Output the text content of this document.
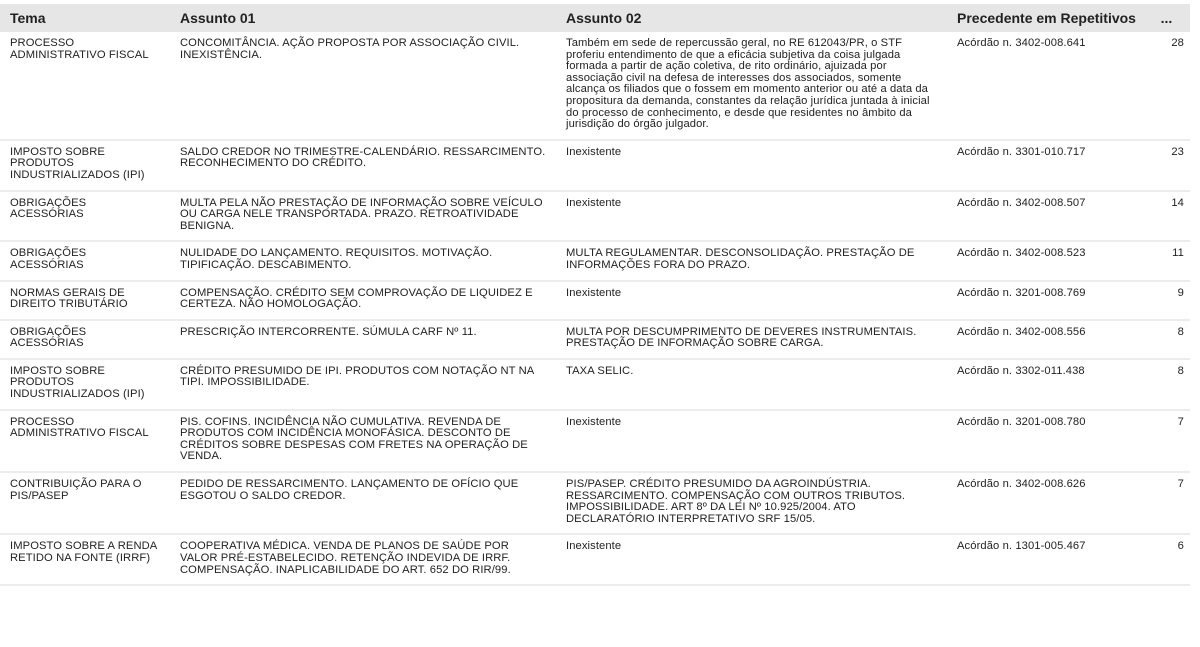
Tema	Assunto 01	Assunto 02	Precedente em Repetitivos	...
PROCESSO ADMINISTRATIVO FISCAL	CONCOMITÂNCIA. AÇÃO PROPOSTA POR ASSOCIAÇÃO CIVIL. INEXISTÊNCIA.	Também em sede de repercussão geral, no RE 612043/PR, o STF proferiu entendimento de que a eficácia subjetiva da coisa julgada formada a partir de ação coletiva, de rito ordinário, ajuizada por associação civil na defesa de interesses dos associados, somente alcança os filiados que o fossem em momento anterior ou até a data da propositura da demanda, constantes da relação jurídica juntada à inicial do processo de conhecimento, e desde que residentes no âmbito da jurisdição do órgão julgador.	Acórdão n. 3402-008.641	28
IMPOSTO SOBRE PRODUTOS INDUSTRIALIZADOS (IPI)	SALDO CREDOR NO TRIMESTRE-CALENDÁRIO. RESSARCIMENTO. RECONHECIMENTO DO CRÉDITO.	Inexistente	Acórdão n. 3301-010.717	23
OBRIGAÇÕES ACESSÓRIAS	MULTA PELA NÃO PRESTAÇÃO DE INFORMAÇÃO SOBRE VEÍCULO OU CARGA NELE TRANSPORTADA. PRAZO. RETROATIVIDADE BENIGNA.	Inexistente	Acórdão n. 3402-008.507	14
OBRIGAÇÕES ACESSÓRIAS	NULIDADE DO LANÇAMENTO. REQUISITOS. MOTIVAÇÃO. TIPIFICAÇÃO. DESCABIMENTO.	MULTA REGULAMENTAR. DESCONSOLIDAÇÃO. PRESTAÇÃO DE INFORMAÇÕES FORA DO PRAZO.	Acórdão n. 3402-008.523	11
NORMAS GERAIS DE DIREITO TRIBUTÁRIO	COMPENSAÇÃO. CRÉDITO SEM COMPROVAÇÃO DE LIQUIDEZ E CERTEZA. NÃO HOMOLOGAÇÃO.	Inexistente	Acórdão n. 3201-008.769	9
OBRIGAÇÕES ACESSÓRIAS	PRESCRIÇÃO INTERCORRENTE. SÚMULA CARF Nº 11.	MULTA POR DESCUMPRIMENTO DE DEVERES INSTRUMENTAIS. PRESTAÇÃO DE INFORMAÇÃO SOBRE CARGA.	Acórdão n. 3402-008.556	8
IMPOSTO SOBRE PRODUTOS INDUSTRIALIZADOS (IPI)	CRÉDITO PRESUMIDO DE IPI. PRODUTOS COM NOTAÇÃO NT NA TIPI. IMPOSSIBILIDADE.	TAXA SELIC.	Acórdão n. 3302-011.438	8
PROCESSO ADMINISTRATIVO FISCAL	PIS. COFINS. INCIDÊNCIA NÃO CUMULATIVA. REVENDA DE PRODUTOS COM INCIDÊNCIA MONOFÁSICA. DESCONTO DE CRÉDITOS SOBRE DESPESAS COM FRETES NA OPERAÇÃO DE VENDA.	Inexistente	Acórdão n. 3201-008.780	7
CONTRIBUIÇÃO PARA O PIS/PASEP	PEDIDO DE RESSARCIMENTO. LANÇAMENTO DE OFÍCIO QUE ESGOTOU O SALDO CREDOR.	PIS/PASEP. CRÉDITO PRESUMIDO DA AGROINDÚSTRIA. RESSARCIMENTO. COMPENSAÇÃO COM OUTROS TRIBUTOS. IMPOSSIBILIDADE. ART 8º DA LEI Nº 10.925/2004. ATO DECLARATÓRIO INTERPRETATIVO SRF 15/05.	Acórdão n. 3402-008.626	7
IMPOSTO SOBRE A RENDA RETIDO NA FONTE (IRRF)	COOPERATIVA MÉDICA. VENDA DE PLANOS DE SAÚDE POR VALOR PRÉ-ESTABELECIDO. RETENÇÃO INDEVIDA DE IRRF. COMPENSAÇÃO. INAPLICABILIDADE DO ART. 652 DO RIR/99.	Inexistente	Acórdão n. 1301-005.467	6
